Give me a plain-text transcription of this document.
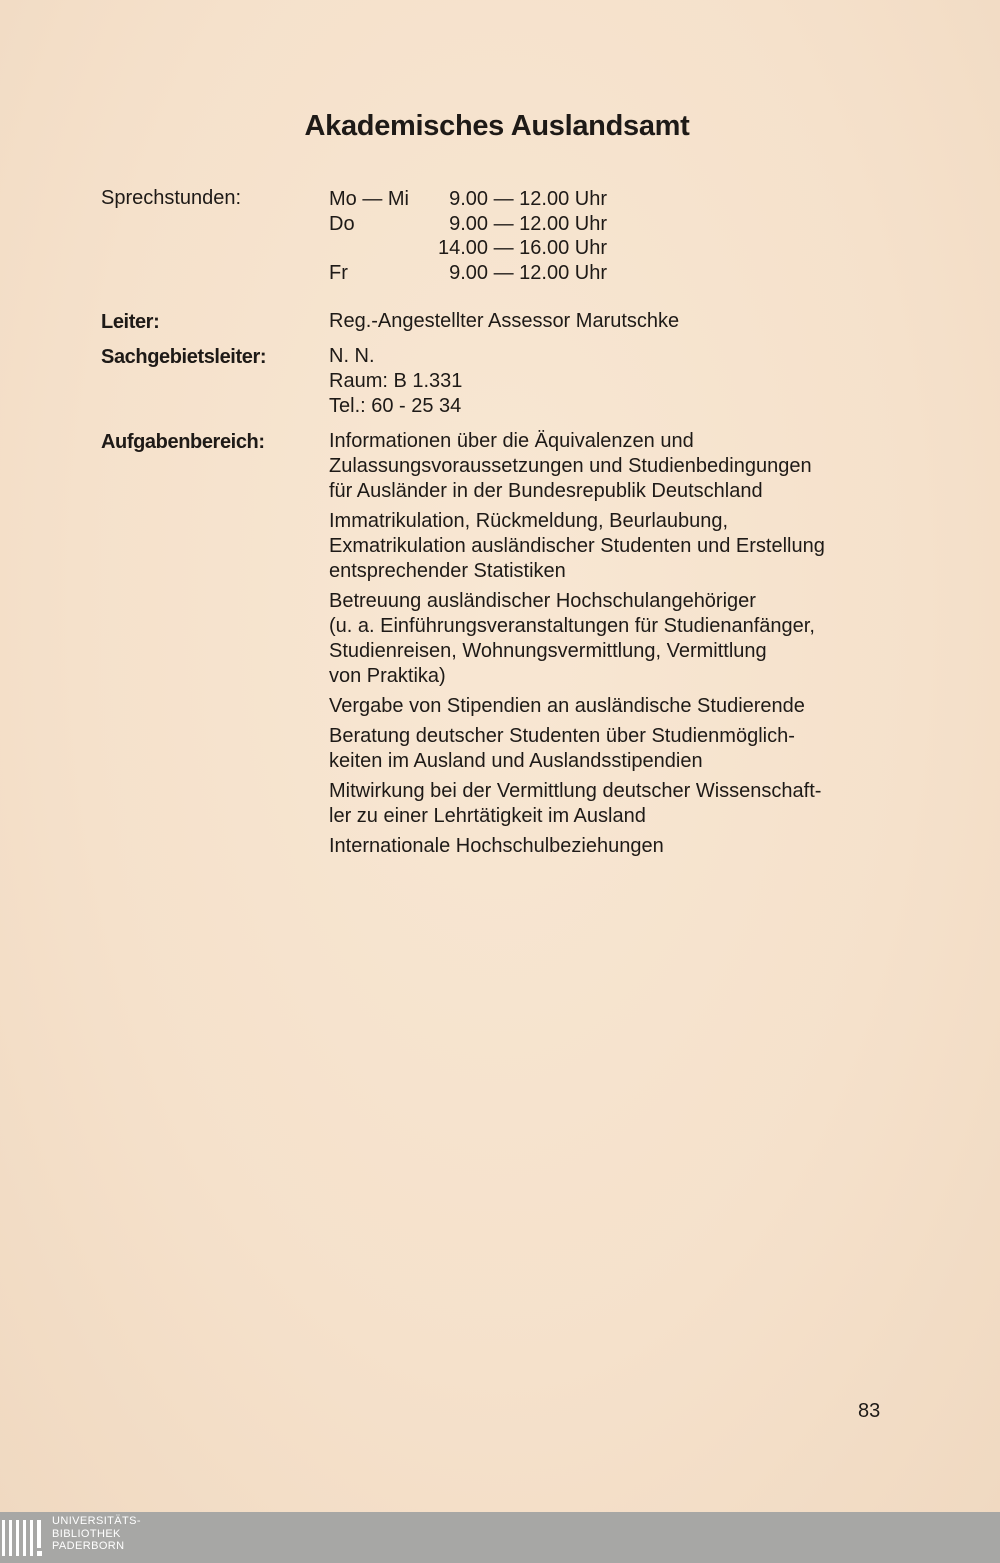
Akademisches Auslandsamt
Sprechstunden:	Mo — Mi 9.00 — 12.00 Uhr
Do	9.00 — 12.00 Uhr
14.00 — 16.00 Uhr
Fr	9.00 — 12.00 Uhr
Leiter:	Reg.-Angestellter Assessor Marutschke
Sachgebietsleiter:	N. N.
Raum: B 1.331
Tel.: 60 - 25 34
Aufgabenbereich:	Informationen über die Äquivalenzen und
Zulassungsvoraussetzungen und Studienbedingungen
für Ausländer in der Bundesrepublik Deutschland
Immatrikulation, Rückmeldung, Beurlaubung,
Exmatrikulation ausländischer Studenten und Erstellung
entsprechender Statistiken
Betreuung ausländischer Hochschulangehöriger
(u. a. Einführungsveranstaltungen für Studienanfänger,
Studienreisen, Wohnungsvermittlung, Vermittlung
von Praktika)
Vergabe von Stipendien an ausländische Studierende
Beratung deutscher Studenten über Studienmöglich-
keiten im Ausland und Auslandsstipendien
Mitwirkung bei der Vermittlung deutscher Wissenschaft-
ler zu einer Lehrtätigkeit im Ausland
Internationale Hochschulbeziehungen
83
UNIVERSITÄTS-
BIBLIOTHEK
PADERBORN
